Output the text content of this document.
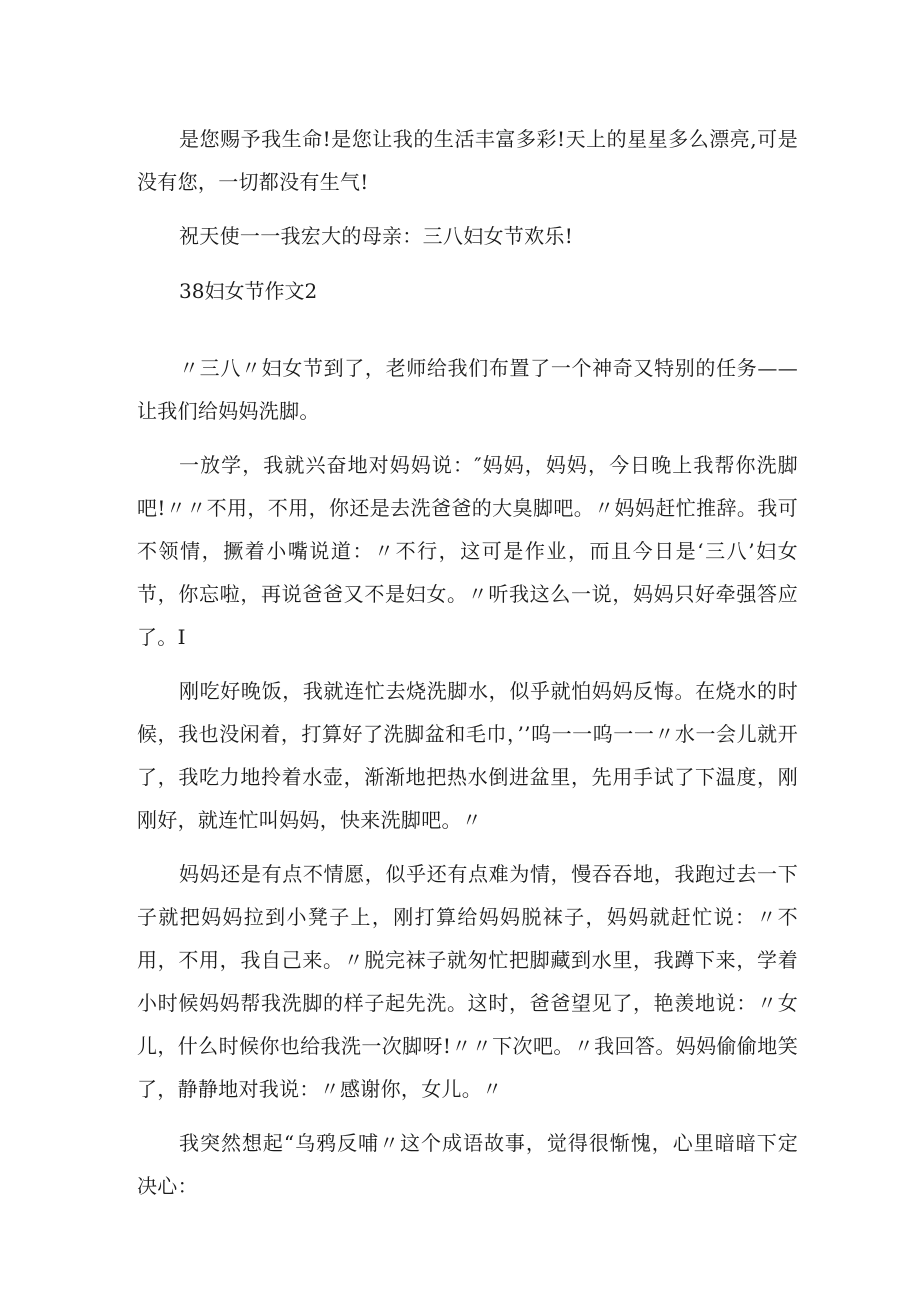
是您赐予我生命!是您让我的生活丰富多彩!天上的星星多么漂亮,可是没有您，一切都没有生气!

祝天使一一我宏大的母亲：三八妇女节欢乐!

38妇女节作文2

〃三八〃妇女节到了，老师给我们布置了一个神奇又特别的任务——让我们给妈妈洗脚。

一放学，我就兴奋地对妈妈说：″妈妈，妈妈，今日晚上我帮你洗脚吧!〃〃不用，不用，你还是去洗爸爸的大臭脚吧。〃妈妈赶忙推辞。我可不领情，撅着小嘴说道：〃不行，这可是作业，而且今日是‘三八’妇女节，你忘啦，再说爸爸又不是妇女。〃听我这么一说，妈妈只好牵强答应了。I

刚吃好晚饭，我就连忙去烧洗脚水，似乎就怕妈妈反悔。在烧水的时候，我也没闲着，打算好了洗脚盆和毛巾，’’呜一一呜一一〃水一会儿就开了，我吃力地拎着水壶，渐渐地把热水倒进盆里，先用手试了下温度，刚刚好，就连忙叫妈妈，快来洗脚吧。〃

妈妈还是有点不情愿，似乎还有点难为情，慢吞吞地，我跑过去一下子就把妈妈拉到小凳子上，刚打算给妈妈脱袜子，妈妈就赶忙说：〃不用，不用，我自己来。〃脱完袜子就匆忙把脚藏到水里，我蹲下来，学着小时候妈妈帮我洗脚的样子起先洗。这时，爸爸望见了，艳羡地说：〃女儿，什么时候你也给我洗一次脚呀!〃〃下次吧。〃我回答。妈妈偷偷地笑了，静静地对我说：〃感谢你，女儿。〃

我突然想起“乌鸦反哺〃这个成语故事，觉得很惭愧，心里暗暗下定决心：
